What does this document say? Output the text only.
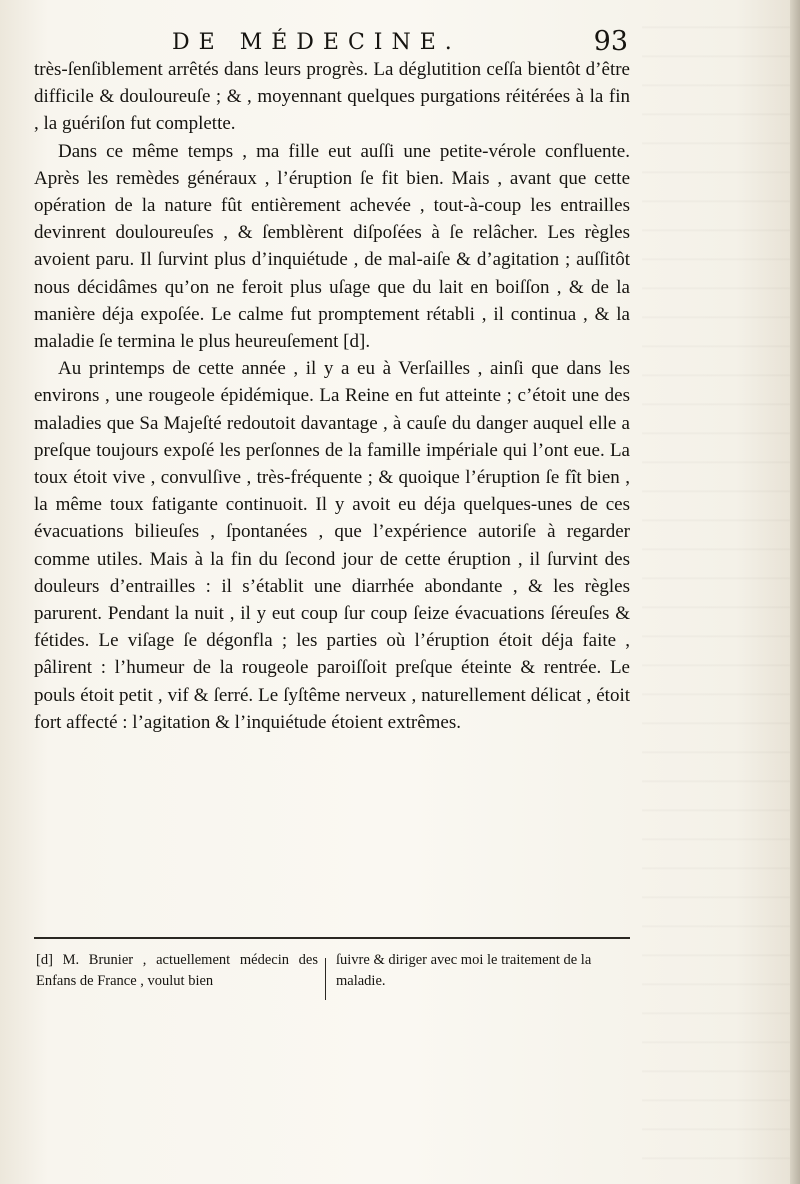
DE MÉDECINE.	93

très-ſenſiblement arrêtés dans leurs progrès. La déglutition ceſſa bientôt d’être difficile & douloureuſe ; & , moyennant quelques purgations réitérées à la fin , la guériſon fut complette.

Dans ce même temps , ma fille eut auſſi une petite-vérole confluente. Après les remèdes généraux , l’éruption ſe fit bien. Mais , avant que cette opération de la nature fût entièrement achevée , tout-à-coup les entrailles devinrent douloureuſes , & ſemblèrent diſpoſées à ſe relâcher. Les règles avoient paru. Il ſurvint plus d’inquiétude , de mal-aiſe & d’agitation ; auſſitôt nous décidâmes qu’on ne feroit plus uſage que du lait en boiſſon , & de la manière déja expoſée. Le calme fut promptement rétabli , il continua , & la maladie ſe termina le plus heureuſement [d].

Au printemps de cette année , il y a eu à Verſailles , ainſi que dans les environs , une rougeole épidémique. La Reine en fut atteinte ; c’étoit une des maladies que Sa Majeſté redoutoit davantage , à cauſe du danger auquel elle a preſque toujours expoſé les perſonnes de la famille impériale qui l’ont eue. La toux étoit vive , convulſive , très-fréquente ; & quoique l’éruption ſe fît bien , la même toux fatigante continuoit. Il y avoit eu déja quelques-unes de ces évacuations bilieuſes , ſpontanées , que l’expérience autoriſe à regarder comme utiles. Mais à la fin du ſecond jour de cette éruption , il ſurvint des douleurs d’entrailles : il s’établit une diarrhée abondante , & les règles parurent. Pendant la nuit , il y eut coup ſur coup ſeize évacuations ſéreuſes & fétides. Le viſage ſe dégonfla ; les parties où l’éruption étoit déja faite , pâlirent : l’humeur de la rougeole paroiſſoit preſque éteinte & rentrée. Le pouls étoit petit , vif & ſerré. Le ſyſtême nerveux , naturellement délicat , étoit fort affecté : l’agitation & l’inquiétude étoient extrêmes.

[d] M. Brunier , actuellement médecin des Enfans de France , voulut bien
ſuivre & diriger avec moi le traitement de la maladie.
